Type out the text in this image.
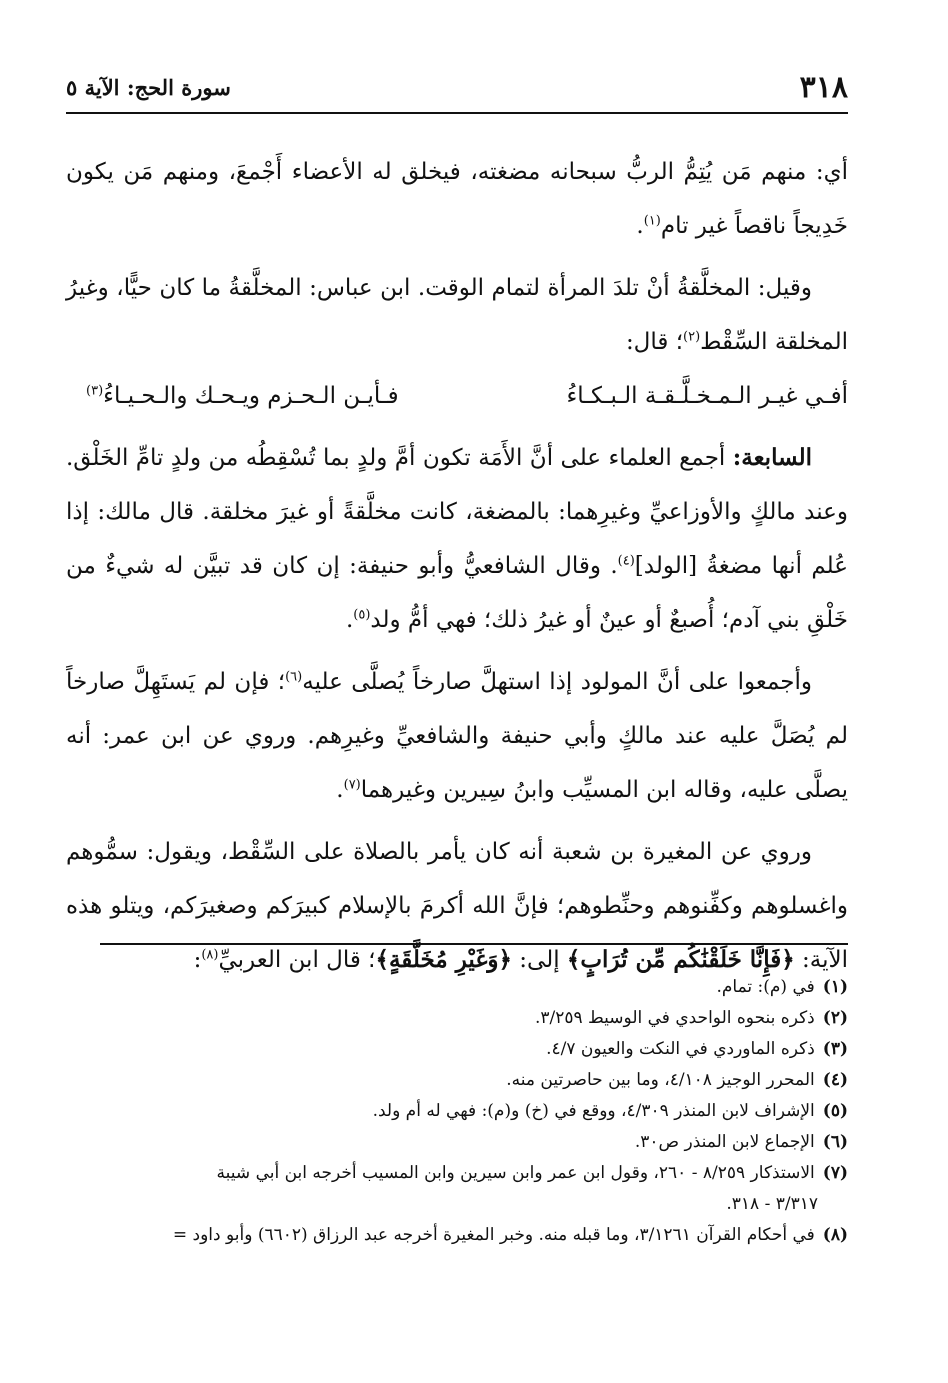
٣١٨
سورة الحج: الآية ٥

أي: منهم مَن يُتِمُّ الربُّ سبحانه مضغته، فيخلق له الأعضاء أَجْمعَ، ومنهم مَن يكون خَدِيجاً ناقصاً غير تام$^{(١)}$.

وقيل: المخلَّقةُ أنْ تلدَ المرأة لتمام الوقت. ابن عباس: المخلَّقةُ ما كان حيًّا، وغيرُ المخلقة السِّقْط$^{(٢)}$؛ قال:

أفـي غيـر الـمـخـلَّـقـة الـبـكـاءُ
فـأيـن الـحـزم ويـحـك والـحـيـاءُ$^{(٣)}$

السابعة: أجمع العلماء على أنَّ الأَمَة تكون أمَّ ولدٍ بما تُسْقِطُه من ولدٍ تامِّ الخَلْق. وعند مالكٍ والأوزاعيِّ وغيرِهما: بالمضغة، كانت مخلَّقةً أو غيرَ مخلقة. قال مالك: إذا عُلم أنها مضغةُ [الولد]$^{(٤)}$. وقال الشافعيُّ وأبو حنيفة: إن كان قد تبيَّن له شيءٌ من خَلْقِ بني آدم؛ أُصبعٌ أو عينٌ أو غيرُ ذلك؛ فهي أمُّ ولد$^{(٥)}$.

وأجمعوا على أنَّ المولود إذا استهلَّ صارخاً يُصلَّى عليه$^{(٦)}$؛ فإن لم يَستَهِلَّ صارخاً لم يُصَلَّ عليه عند مالكٍ وأبي حنيفة والشافعيِّ وغيرِهم. وروي عن ابن عمر: أنه يصلَّى عليه، وقاله ابن المسيِّب وابنُ سِيرين وغيرهما$^{(٧)}$.

وروي عن المغيرة بن شعبة أنه كان يأمر بالصلاة على السِّقْط، ويقول: سمُّوهم واغسلوهم وكفِّنوهم وحنِّطوهم؛ فإنَّ الله أكرمَ بالإسلام كبيرَكم وصغيرَكم، ويتلو هذه الآية: ﴿فَإِنَّا خَلَقْنَٰكُم مِّن تُرَابٍ﴾ إلى: ﴿وَغَيْرِ مُخَلَّقَةٍ﴾؛ قال ابن العربيِّ$^{(٨)}$:

(١)في (م): تمام.

(٢)ذكره بنحوه الواحدي في الوسيط ٣/٢٥٩.

(٣)ذكره الماوردي في النكت والعيون ٤/٧.

(٤)المحرر الوجيز ٤/١٠٨، وما بين حاصرتين منه.

(٥)الإشراف لابن المنذر ٤/٣٠٩، ووقع في (خ) و(م): فهي له أم ولد.

(٦)الإجماع لابن المنذر ص٣٠.

(٧)الاستذكار ٨/٢٥٩ - ٢٦٠، وقول ابن عمر وابن سيرين وابن المسيب أخرجه ابن أبي شيبة

٣/٣١٧ - ٣١٨.

(٨)في أحكام القرآن ٣/١٢٦١، وما قبله منه. وخبر المغيرة أخرجه عبد الرزاق (٦٦٠٢) وأبو داود =
